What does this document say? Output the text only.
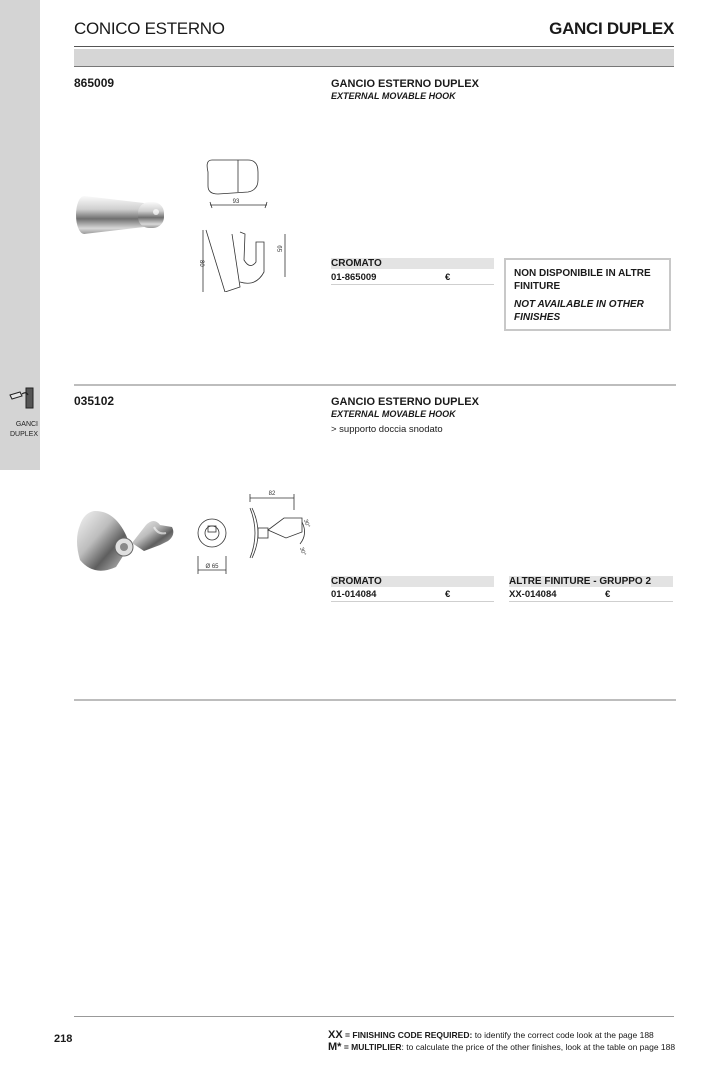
GANCI
DUPLEX
CONICO ESTERNO	GANCI DUPLEX
865009	GANCIO ESTERNO DUPLEX
EXTERNAL MOVABLE HOOK
93
80
59
CROMATO
01-865009	€	NON DISPONIBILE IN ALTRE FINITURE
NOT AVAILABLE IN OTHER FINISHES
035102	GANCIO ESTERNO DUPLEX
EXTERNAL MOVABLE HOOK
> supporto doccia snodato
82
Ø 65
30°
30°
CROMATO
01-014084	€
ALTRE FINITURE - GRUPPO 2
XX-014084	€
218	XX = FINISHING CODE REQUIRED: to identify the correct code look at the page 188
M* = MULTIPLIER: to calculate the price of the other finishes, look at the table on page 188
